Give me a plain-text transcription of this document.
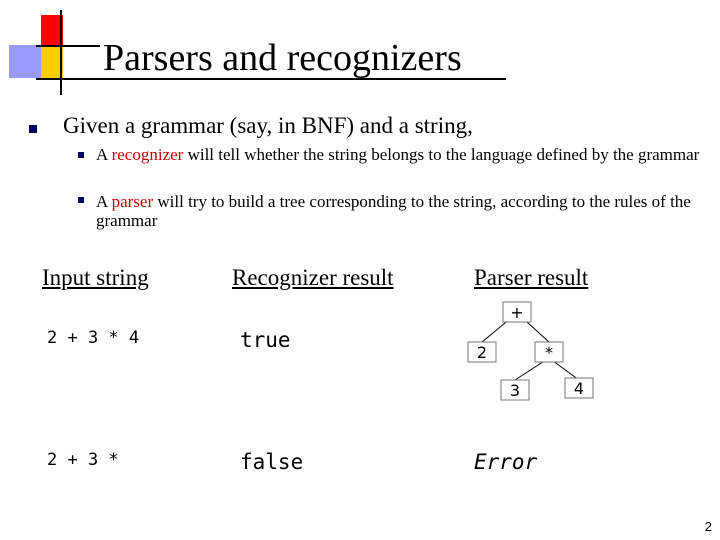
Parsers and recognizers
Given a grammar (say, in BNF) and a string,
A recognizer will tell whether the string belongs to the language defined by the grammar
A parser will try to build a tree corresponding to the string, according to the rules of the grammar
Input string	Recognizer result	Parser result
2 + 3 * 4	true
+
2	*
3	4
2 + 3 *	false	Error
2
